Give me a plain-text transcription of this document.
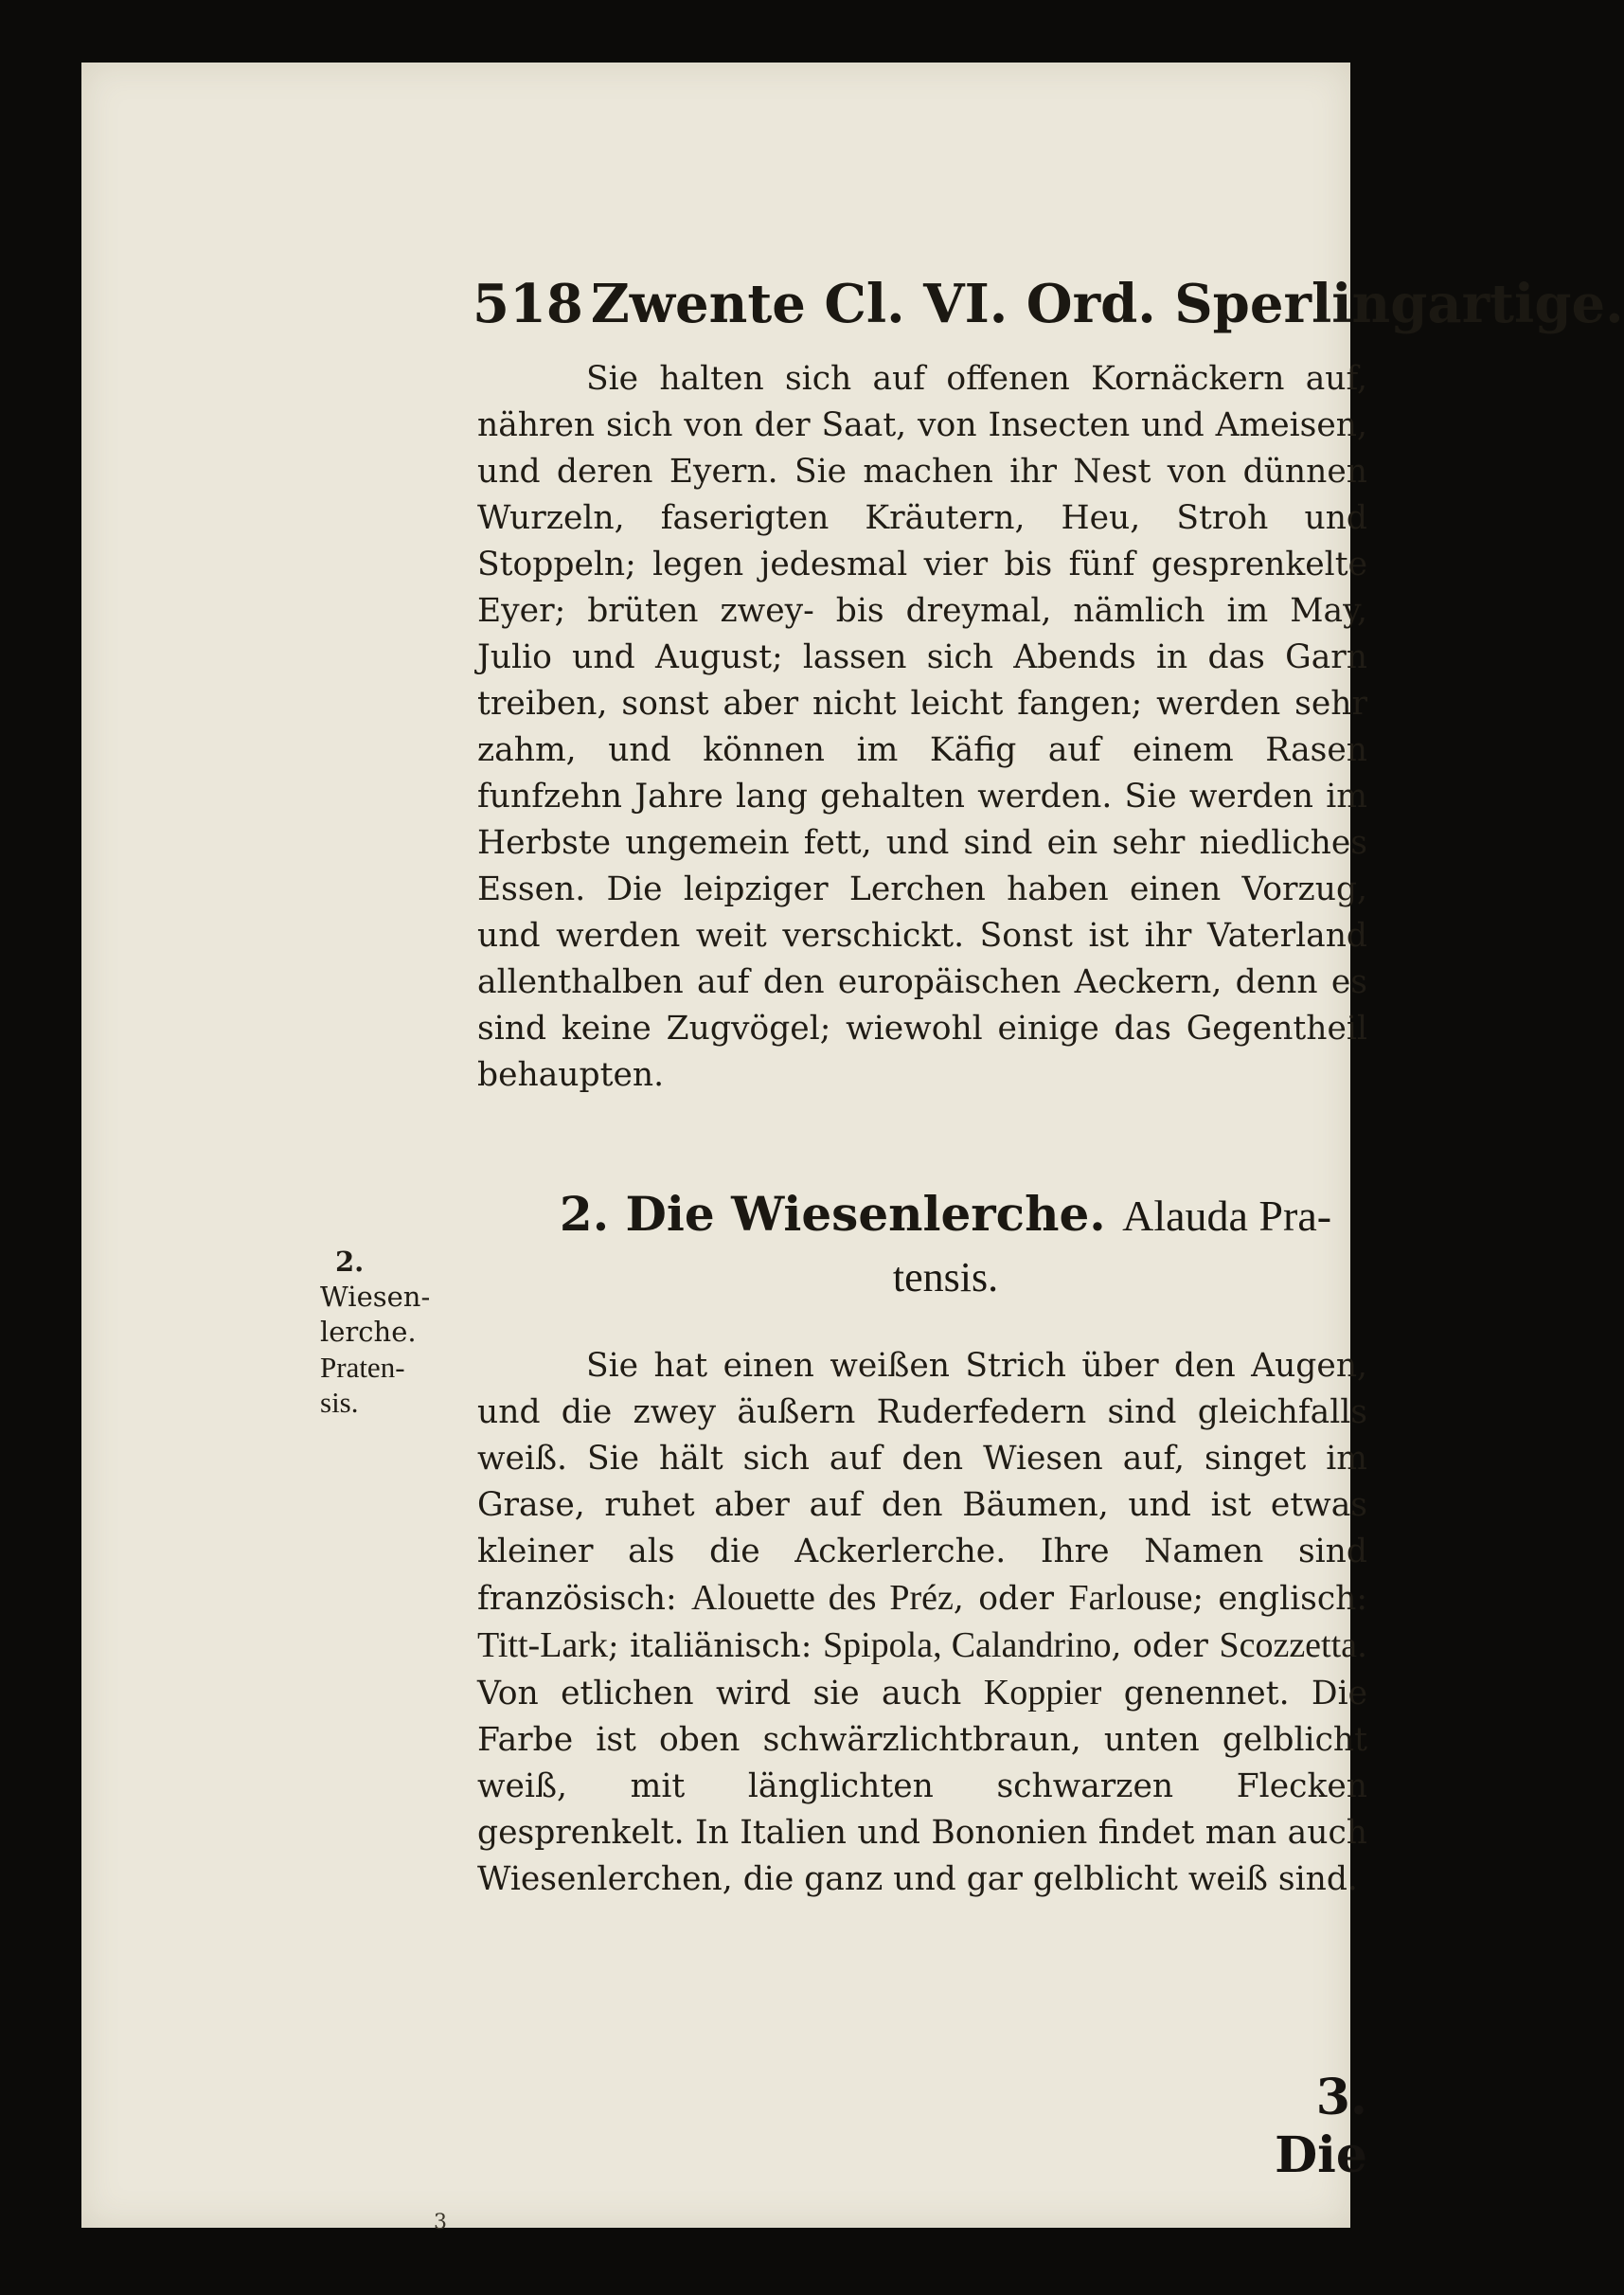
518 Zwente Cl. VI. Ord. Sperlingartige.
Sie halten sich auf offenen Kornäckern auf, nähren sich von der Saat, von Insecten und Ameisen, und deren Eyern. Sie machen ihr Nest von dünnen Wurzeln, faserigten Kräutern, Heu, Stroh und Stoppeln; legen jedesmal vier bis fünf gesprenkelte Eyer; brüten zwey- bis dreymal, nämlich im May, Julio und August; lassen sich Abends in das Garn treiben, sonst aber nicht leicht fangen; werden sehr zahm, und können im Käfig auf einem Rasen funfzehn Jahre lang gehalten werden. Sie werden im Herbste ungemein fett, und sind ein sehr niedliches Essen. Die leipziger Lerchen haben einen Vorzug, und werden weit verschickt. Sonst ist ihr Vaterland allenthalben auf den europäischen Aeckern, denn es sind keine Zugvögel; wiewohl einige das Gegentheil behaupten.
2. Die Wiesenlerche. Alauda Pra-
tensis.
2.
Wiesen-
lerche.
Praten-
sis.
Sie hat einen weißen Strich über den Augen, und die zwey äußern Ruderfedern sind gleichfalls weiß. Sie hält sich auf den Wiesen auf, singet im Grase, ruhet aber auf den Bäumen, und ist etwas kleiner als die Ackerlerche. Ihre Namen sind französisch: Alouette des Préz, oder Farlouse; englisch: Titt-Lark; italiänisch: Spipola, Calandrino, oder Scozzetta. Von etlichen wird sie auch Koppier genennet. Die Farbe ist oben schwärzlichtbraun, unten gelblicht weiß, mit länglichten schwarzen Flecken gesprenkelt. In Italien und Bononien findet man auch Wiesenlerchen, die ganz und gar gelblicht weiß sind.
3. Die
3
